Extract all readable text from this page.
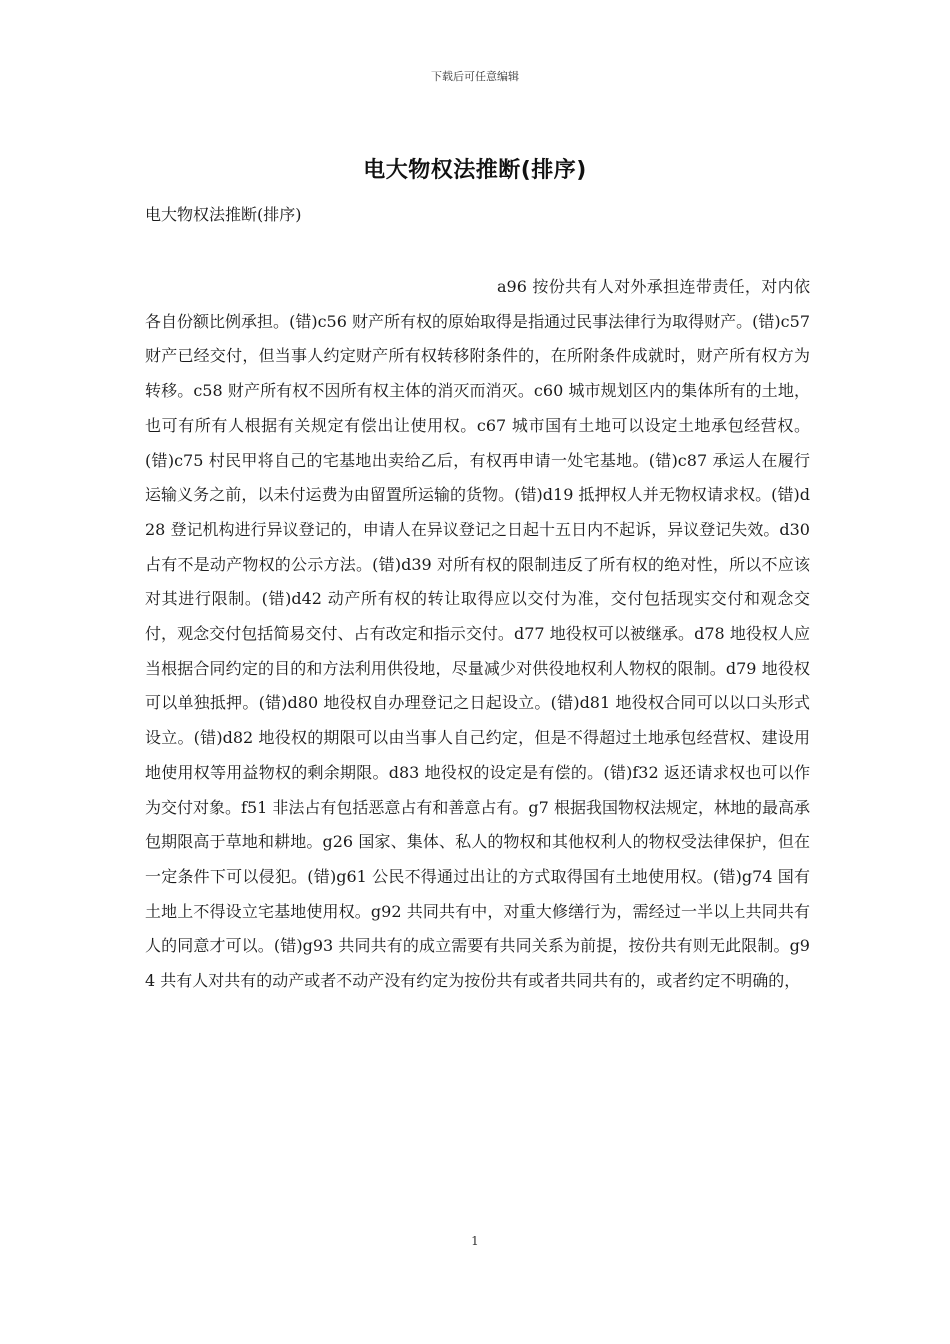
下载后可任意编辑
电大物权法推断(排序)
电大物权法推断(排序)
a96 按份共有人对外承担连带责任，对内依各自份额比例承担。(错)c56 财产所有权的原始取得是指通过民事法律行为取得财产。(错)c57 财产已经交付，但当事人约定财产所有权转移附条件的，在所附条件成就时，财产所有权方为转移。c58 财产所有权不因所有权主体的消灭而消灭。c60 城市规划区内的集体所有的土地，也可有所有人根据有关规定有偿出让使用权。c67 城市国有土地可以设定土地承包经营权。(错)c75 村民甲将自己的宅基地出卖给乙后，有权再申请一处宅基地。(错)c87 承运人在履行运输义务之前，以未付运费为由留置所运输的货物。(错)d19 抵押权人并无物权请求权。(错)d28 登记机构进行异议登记的，申请人在异议登记之日起十五日内不起诉，异议登记失效。d30 占有不是动产物权的公示方法。(错)d39 对所有权的限制违反了所有权的绝对性，所以不应该对其进行限制。(错)d42 动产所有权的转让取得应以交付为准，交付包括现实交付和观念交付，观念交付包括简易交付、占有改定和指示交付。d77 地役权可以被继承。d78 地役权人应当根据合同约定的目的和方法利用供役地，尽量减少对供役地权利人物权的限制。d79 地役权可以单独抵押。(错)d80 地役权自办理登记之日起设立。(错)d81 地役权合同可以以口头形式设立。(错)d82 地役权的期限可以由当事人自己约定，但是不得超过土地承包经营权、建设用地使用权等用益物权的剩余期限。d83 地役权的设定是有偿的。(错)f32 返还请求权也可以作为交付对象。f51 非法占有包括恶意占有和善意占有。g7 根据我国物权法规定，林地的最高承包期限高于草地和耕地。g26 国家、集体、私人的物权和其他权利人的物权受法律保护，但在一定条件下可以侵犯。(错)g61 公民不得通过出让的方式取得国有土地使用权。(错)g74 国有土地上不得设立宅基地使用权。g92 共同共有中，对重大修缮行为，需经过一半以上共同共有人的同意才可以。(错)g93 共同共有的成立需要有共同关系为前提，按份共有则无此限制。g94 共有人对共有的动产或者不动产没有约定为按份共有或者共同共有的，或者约定不明确的，
1
